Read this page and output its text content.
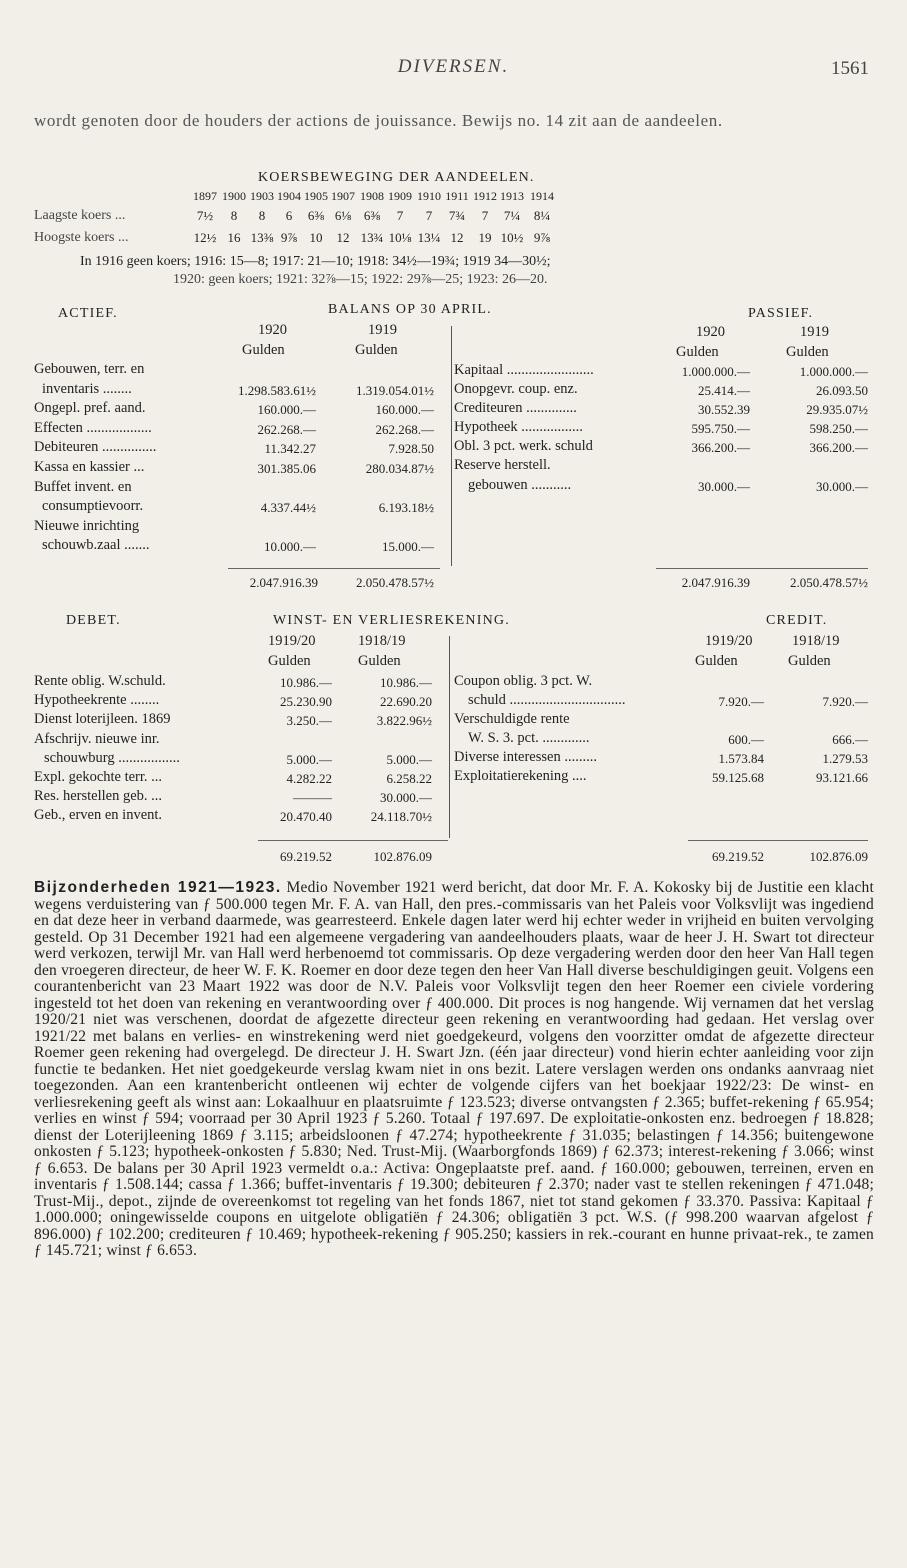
DIVERSEN.	1561
wordt genoten door de houders der actions de jouissance. Bewijs no. 14 zit aan de aandeelen.
KOERSBEWEGING DER AANDEELEN.
1897 1900 1903 1904 1905 1907 1908 1909 1910 1911 1912 1913 1914
Laagste koers ...	7½	8	8	6	6⅜ 6⅛ 6⅜	7	7	7¾	7	7¼	8¼
Hoogste koers ...	12½ 16 13⅜ 9⅞ 10	12 13¾ 10⅛ 13¼ 12	19 10½ 9⅞
In 1916 geen koers; 1916: 15—8; 1917: 21—10; 1918: 34½—19¾; 1919 34—30½;
1920: geen koers; 1921: 32⅞—15; 1922: 29⅞—25; 1923: 26—20.
ACTIEF.	BALANS OP 30 APRIL.	PASSIEF.
1920	1919
Gulden	Gulden
1920	1919
Gulden	Gulden
Gebouwen, terr. en
inventaris ........	1.298.583.61½	1.319.054.01½
Ongepl. pref. aand.	160.000.—	160.000.—
Effecten ..................	262.268.—	262.268.—
Debiteuren ...............	11.342.27	7.928.50
Kassa en kassier ...	301.385.06	280.034.87½
Buffet invent. en
consumptievoorr.	4.337.44½	6.193.18½
Nieuwe inrichting
schouwb.zaal .......	10.000.—	15.000.—
Kapitaal ........................	1.000.000.—	1.000.000.—
Onopgevr. coup. enz.	25.414.—	26.093.50
Crediteuren ..............	30.552.39	29.935.07½
Hypotheek .................	595.750.—	598.250.—
Obl. 3 pct. werk. schuld	366.200.—	366.200.—
Reserve herstell.
gebouwen ...........	30.000.—	30.000.—
2.047.916.39	2.050.478.57½	2.047.916.39	2.050.478.57½
DEBET.	WINST- EN VERLIESREKENING.	CREDIT.
1919/20	1918/19
Gulden	Gulden
1919/20	1918/19
Gulden	Gulden
Rente oblig. W.schuld.	10.986.—	10.986.—
Hypotheekrente ........	25.230.90	22.690.20
Dienst loterijleen. 1869	3.250.—	3.822.96½
Afschrijv. nieuwe inr.
schouwburg .................	5.000.—	5.000.—
Expl. gekochte terr. ...	4.282.22	6.258.22
Res. herstellen geb. ...	———	30.000.—
Geb., erven en invent.	20.470.40	24.118.70½
Coupon oblig. 3 pct. W.
schuld ................................	7.920.—	7.920.—
Verschuldigde rente
W. S. 3. pct. .............	600.—	666.—
Diverse interessen .........	1.573.84	1.279.53
Exploitatierekening ....	59.125.68	93.121.66
69.219.52	102.876.09	69.219.52	102.876.09
Bijzonderheden 1921—1923. Medio November 1921 werd bericht, dat door Mr. F. A. Kokosky bij de Justitie een klacht wegens verduistering van ƒ 500.000 tegen Mr. F. A. van Hall, den pres.-commissaris van het Paleis voor Volksvlijt was ingediend en dat deze heer in verband daarmede, was gearresteerd. Enkele dagen later werd hij echter weder in vrijheid en buiten vervolging gesteld. Op 31 December 1921 had een algemeene vergadering van aandeelhouders plaats, waar de heer J. H. Swart tot directeur werd verkozen, terwijl Mr. van Hall werd herbenoemd tot commissaris. Op deze vergadering werden door den heer Van Hall tegen den vroegeren directeur, de heer W. F. K. Roemer en door deze tegen den heer Van Hall diverse beschuldigingen geuit. Volgens een courantenbericht van 23 Maart 1922 was door de N.V. Paleis voor Volksvlijt tegen den heer Roemer een civiele vordering ingesteld tot het doen van rekening en verantwoording over ƒ 400.000. Dit proces is nog hangende. Wij vernamen dat het verslag 1920/21 niet was verschenen, doordat de afgezette directeur geen rekening en verantwoording had gedaan. Het verslag over 1921/22 met balans en verlies- en winstrekening werd niet goedgekeurd, volgens den voorzitter omdat de afgezette directeur Roemer geen rekening had overgelegd. De directeur J. H. Swart Jzn. (één jaar directeur) vond hierin echter aanleiding voor zijn functie te bedanken. Het niet goedgekeurde verslag kwam niet in ons bezit. Latere verslagen werden ons ondanks aanvraag niet toegezonden. Aan een krantenbericht ontleenen wij echter de volgende cijfers van het boekjaar 1922/23: De winst- en verliesrekening geeft als winst aan: Lokaalhuur en plaatsruimte ƒ 123.523; diverse ontvangsten ƒ 2.365; buffet-rekening ƒ 65.954; verlies en winst ƒ 594; voorraad per 30 April 1923 ƒ 5.260. Totaal ƒ 197.697. De exploitatie-onkosten enz. bedroegen ƒ 18.828; dienst der Loterijleening 1869 ƒ 3.115; arbeidsloonen ƒ 47.274; hypotheekrente ƒ 31.035; belastingen ƒ 14.356; buitengewone onkosten ƒ 5.123; hypotheek-onkosten ƒ 5.830; Ned. Trust-Mij. (Waarborgfonds 1869) ƒ 62.373; interest-rekening ƒ 3.066; winst ƒ 6.653. De balans per 30 April 1923 vermeldt o.a.: Activa: Ongeplaatste pref. aand. ƒ 160.000; gebouwen, terreinen, erven en inventaris ƒ 1.508.144; cassa ƒ 1.366; buffet-inventaris ƒ 19.300; debiteuren ƒ 2.370; nader vast te stellen rekeningen ƒ 471.048; Trust-Mij., depot., zijnde de overeenkomst tot regeling van het fonds 1867, niet tot stand gekomen ƒ 33.370. Passiva: Kapitaal ƒ 1.000.000; oningewisselde coupons en uitgelote obligatiën ƒ 24.306; obligatiën 3 pct. W.S. (ƒ 998.200 waarvan afgelost ƒ 896.000) ƒ 102.200; crediteuren ƒ 10.469; hypotheek-rekening ƒ 905.250; kassiers in rek.-courant en hunne privaat-rek., te zamen ƒ 145.721; winst ƒ 6.653.
